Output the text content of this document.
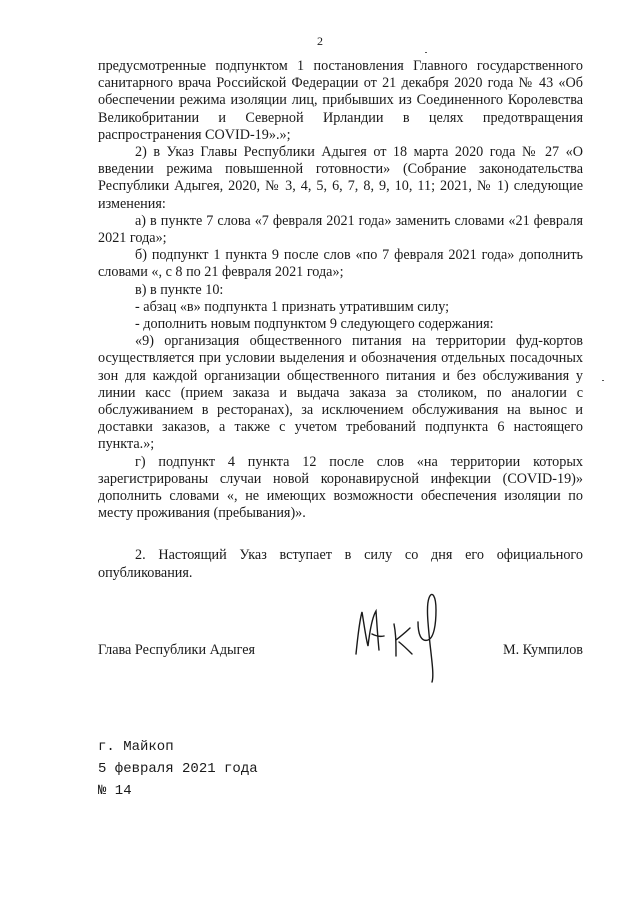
2

предусмотренные подпунктом 1 постановления Главного государственного санитарного врача Российской Федерации от 21 декабря 2020 года № 43 «Об обеспечении режима изоляции лиц, прибывших из Соединенного Королевства Великобритании и Северной Ирландии в целях предотвращения распространения COVID-19».»;

2) в Указ Главы Республики Адыгея от 18 марта 2020 года № 27 «О введении режима повышенной готовности» (Собрание законодательства Республики Адыгея, 2020, № 3, 4, 5, 6, 7, 8, 9, 10, 11; 2021, № 1) следующие изменения:

а) в пункте 7 слова «7 февраля 2021 года» заменить словами «21 февраля 2021 года»;

б) подпункт 1 пункта 9 после слов «по 7 февраля 2021 года» дополнить словами «, с 8 по 21 февраля 2021 года»;

в) в пункте 10:

- абзац «в» подпункта 1 признать утратившим силу;

- дополнить новым подпунктом 9 следующего содержания:

«9) организация общественного питания на территории фуд-кортов осуществляется при условии выделения и обозначения отдельных посадочных зон для каждой организации общественного питания и без обслуживания у линии касс (прием заказа и выдача заказа за столиком, по аналогии с обслуживанием в ресторанах), за исключением обслуживания на вынос и доставки заказов, а также с учетом требований подпункта 6 настоящего пункта.»;

г) подпункт 4 пункта 12 после слов «на территории которых зарегистрированы случаи новой коронавирусной инфекции (COVID-19)» дополнить словами «, не имеющих возможности обеспечения изоляции по месту проживания (пребывания)».

2. Настоящий Указ вступает в силу со дня его официального опубликования.

Глава Республики Адыгея	М. Кумпилов
г. Майкоп
5 февраля 2021 года
№ 14
